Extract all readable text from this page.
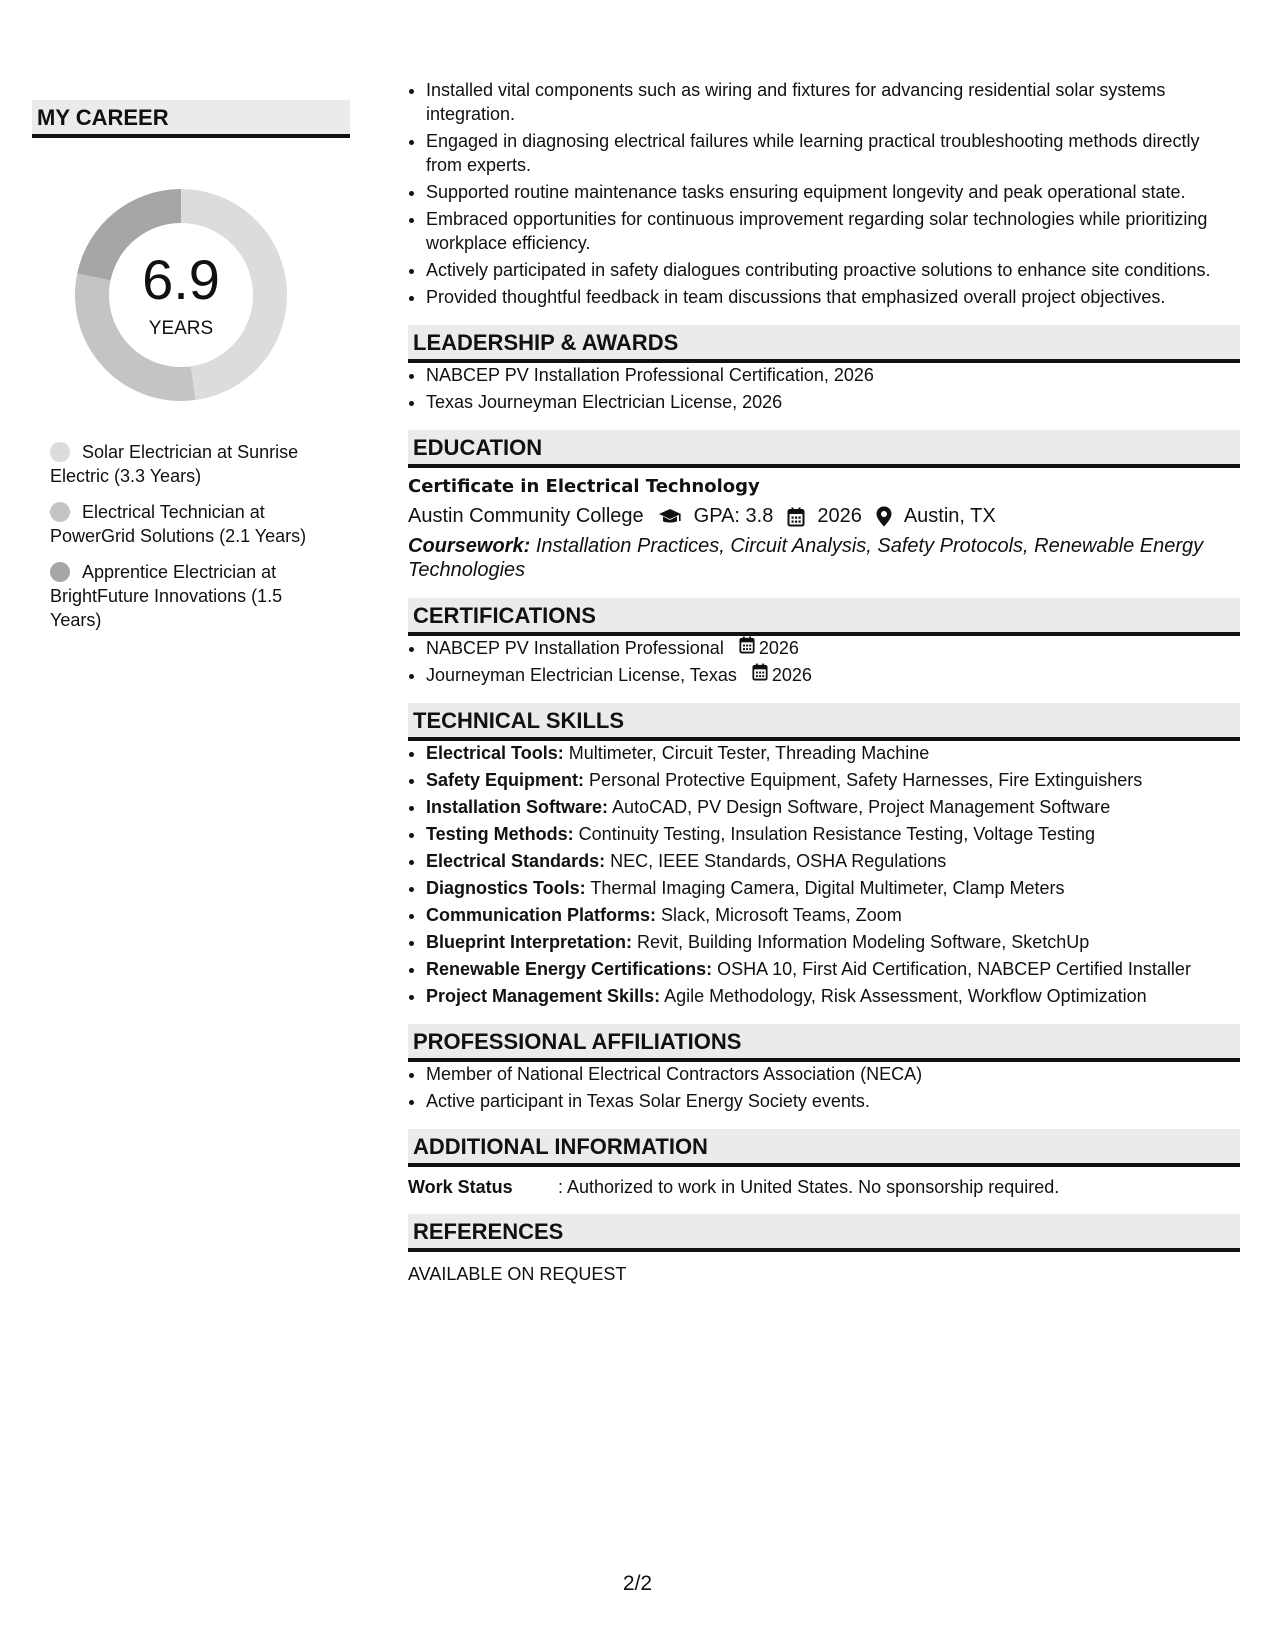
MY CAREER
6.9
YEARS
Solar Electrician at Sunrise Electric (3.3 Years)
Electrical Technician at PowerGrid Solutions (2.1 Years)
Apprentice Electrician at BrightFuture Innovations (1.5 Years)
• Installed vital components such as wiring and fixtures for advancing residential solar systems integration.
• Engaged in diagnosing electrical failures while learning practical troubleshooting methods directly from experts.
• Supported routine maintenance tasks ensuring equipment longevity and peak operational state.
• Embraced opportunities for continuous improvement regarding solar technologies while prioritizing workplace efficiency.
• Actively participated in safety dialogues contributing proactive solutions to enhance site conditions.
• Provided thoughtful feedback in team discussions that emphasized overall project objectives.
LEADERSHIP & AWARDS
• NABCEP PV Installation Professional Certification, 2026
• Texas Journeyman Electrician License, 2026
EDUCATION
Certificate in Electrical Technology
Austin Community College	GPA: 3.8 2026 Austin, TX
Coursework: Installation Practices, Circuit Analysis, Safety Protocols, Renewable Energy Technologies
CERTIFICATIONS
• NABCEP PV Installation Professional 2026
• Journeyman Electrician License, Texas 2026
TECHNICAL SKILLS
• Electrical Tools: Multimeter, Circuit Tester, Threading Machine
• Safety Equipment: Personal Protective Equipment, Safety Harnesses, Fire Extinguishers
• Installation Software: AutoCAD, PV Design Software, Project Management Software
• Testing Methods: Continuity Testing, Insulation Resistance Testing, Voltage Testing
• Electrical Standards: NEC, IEEE Standards, OSHA Regulations
• Diagnostics Tools: Thermal Imaging Camera, Digital Multimeter, Clamp Meters
• Communication Platforms: Slack, Microsoft Teams, Zoom
• Blueprint Interpretation: Revit, Building Information Modeling Software, SketchUp
• Renewable Energy Certifications: OSHA 10, First Aid Certification, NABCEP Certified Installer
• Project Management Skills: Agile Methodology, Risk Assessment, Workflow Optimization
PROFESSIONAL AFFILIATIONS
• Member of National Electrical Contractors Association (NECA)
• Active participant in Texas Solar Energy Society events.
ADDITIONAL INFORMATION
Work Status	: Authorized to work in United States. No sponsorship required.
REFERENCES
AVAILABLE ON REQUEST
2/2
